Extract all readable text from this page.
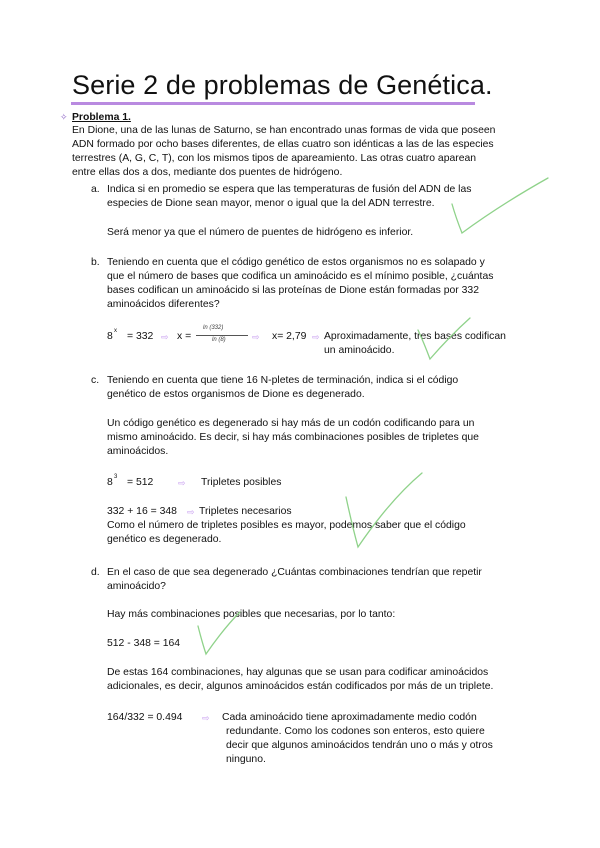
Serie 2 de problemas de Genética.
✧ Problema 1.
En Dione, una de las lunas de Saturno, se han encontrado unas formas de vida que poseen
ADN formado por ocho bases diferentes, de ellas cuatro son idénticas a las de las especies
terrestres (A, G, C, T), con los mismos tipos de apareamiento. Las otras cuatro aparean
entre ellas dos a dos, mediante dos puentes de hidrógeno.
a. Indica si en promedio se espera que las temperaturas de fusión del ADN de las
especies de Dione sean mayor, menor o igual que la del ADN terrestre.
Será menor ya que el número de puentes de hidrógeno es inferior.
b. Teniendo en cuenta que el código genético de estos organismos no es solapado y
que el número de bases que codifica un aminoácido es el mínimo posible, ¿cuántas
bases codifican un aminoácido si las proteínas de Dione están formadas por 332
aminoácidos diferentes?
8 x = 332 ⇨ x =
ln (332)
ln (8)	⇨ x= 2,79 ⇨ Aproximadamente, tres bases codifican
un aminoácido.
c. Teniendo en cuenta que tiene 16 N-pletes de terminación, indica si el código
genético de estos organismos de Dione es degenerado.
Un código genético es degenerado si hay más de un codón codificando para un
mismo aminoácido. Es decir, si hay más combinaciones posibles de tripletes que
aminoácidos.
8 3 = 512	⇨ Tripletes posibles
332 + 16 = 348 ⇨ Tripletes necesarios
Como el número de tripletes posibles es mayor, podemos saber que el código
genético es degenerado.
d. En el caso de que sea degenerado ¿Cuántas combinaciones tendrían que repetir
aminoácido?
Hay más combinaciones posibles que necesarias, por lo tanto:
512 - 348 = 164
De estas 164 combinaciones, hay algunas que se usan para codificar aminoácidos
adicionales, es decir, algunos aminoácidos están codificados por más de un triplete.
164/332 = 0.494 ⇨ Cada aminoácido tiene aproximadamente medio codón
redundante. Como los codones son enteros, esto quiere
decir que algunos aminoácidos tendrán uno o más y otros
ninguno.
